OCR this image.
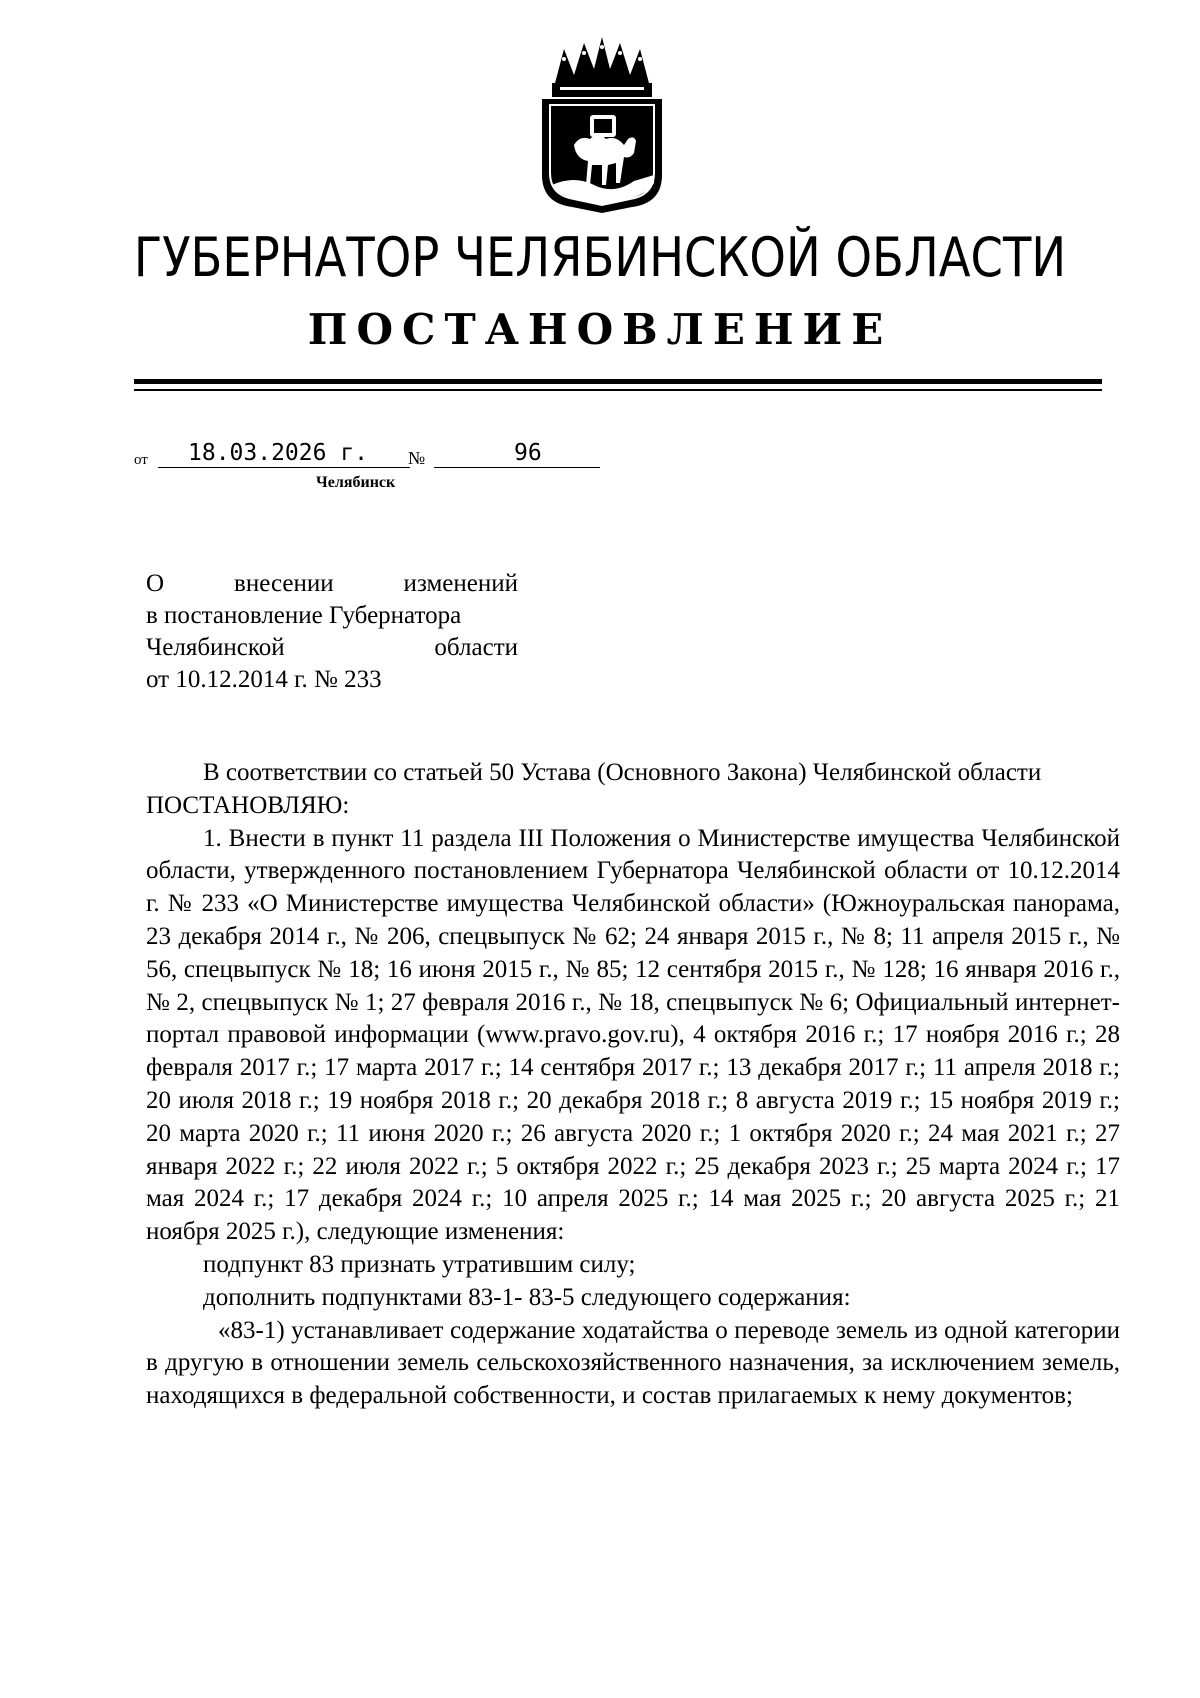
ГУБЕРНАТОР ЧЕЛЯБИНСКОЙ ОБЛАСТИ
ПОСТАНОВЛЕНИЕ
от	18.03.2026 г.	№	96
Челябинск
О внесении изменений
в постановление Губернатора
Челябинской области
от 10.12.2014 г. № 233

В соответствии со статьей 50 Устава (Основного Закона) Челябинской области

ПОСТАНОВЛЯЮ:

1. Внести в пункт 11 раздела III Положения о Министерстве имущества Челябинской области, утвержденного постановлением Губернатора Челябинской области от 10.12.2014 г. № 233 «О Министерстве имущества Челябинской области» (Южноуральская панорама, 23 декабря 2014 г., № 206, спецвыпуск № 62; 24 января 2015 г., № 8; 11 апреля 2015 г., № 56, спецвыпуск № 18; 16 июня 2015 г., № 85; 12 сентября 2015 г., № 128; 16 января 2016 г., № 2, спецвыпуск № 1; 27 февраля 2016 г., № 18, спецвыпуск № 6; Официальный интернет-портал правовой информации (www.pravo.gov.ru), 4 октября 2016 г.; 17 ноября 2016 г.; 28 февраля 2017 г.; 17 марта 2017 г.; 14 сентября 2017 г.; 13 декабря 2017 г.; 11 апреля 2018 г.; 20 июля 2018 г.; 19 ноября 2018 г.; 20 декабря 2018 г.; 8 августа 2019 г.; 15 ноября 2019 г.; 20 марта 2020 г.; 11 июня 2020 г.; 26 августа 2020 г.; 1 октября 2020 г.; 24 мая 2021 г.; 27 января 2022 г.; 22 июля 2022 г.; 5 октября 2022 г.; 25 декабря 2023 г.; 25 марта 2024 г.; 17 мая 2024 г.; 17 декабря 2024 г.; 10 апреля 2025 г.; 14 мая 2025 г.; 20 августа 2025 г.; 21 ноября 2025 г.), следующие изменения:

подпункт 83 признать утратившим силу;

дополнить подпунктами 83-1- 83-5 следующего содержания:

«83-1) устанавливает содержание ходатайства о переводе земель из одной категории в другую в отношении земель сельскохозяйственного назначения, за исключением земель, находящихся в федеральной собственности, и состав прилагаемых к нему документов;
